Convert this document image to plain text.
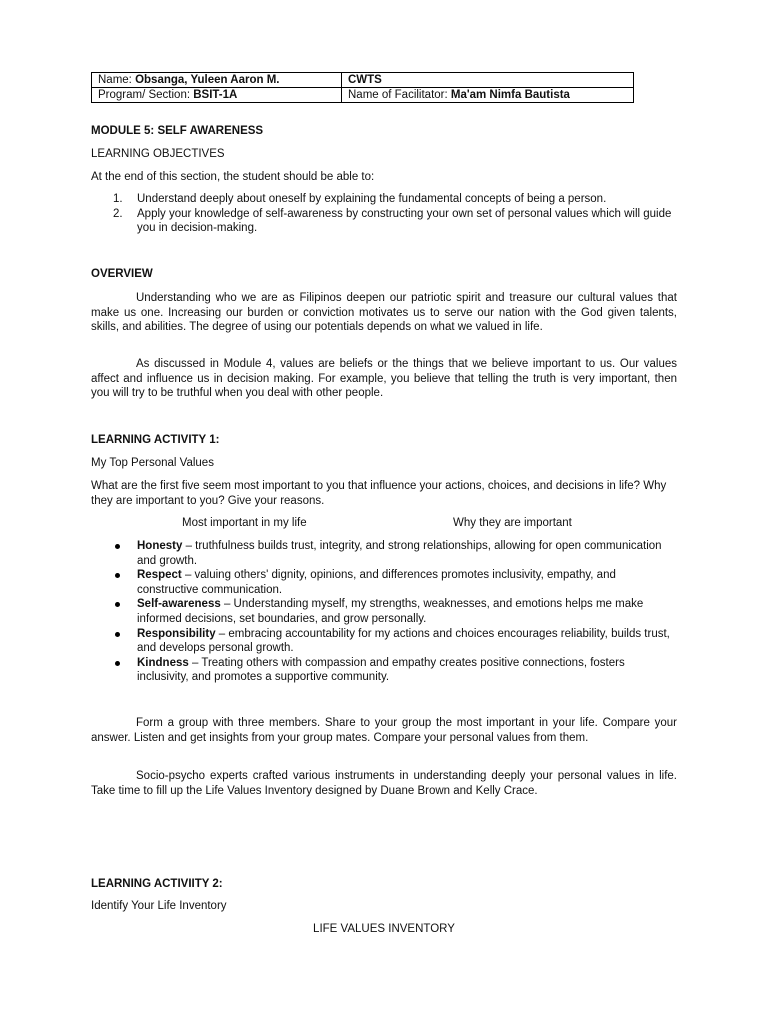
Name: Obsanga, Yuleen Aaron M.	CWTS
Program/ Section: BSIT-1A	Name of Facilitator: Ma'am Nimfa Bautista
MODULE 5: SELF AWARENESS
LEARNING OBJECTIVES
At the end of this section, the student should be able to:
1. Understand deeply about oneself by explaining the fundamental concepts of being a person.
2. Apply your knowledge of self-awareness by constructing your own set of personal values which will guide you in decision-making.
OVERVIEW

Understanding who we are as Filipinos deepen our patriotic spirit and treasure our cultural values that make us one. Increasing our burden or conviction motivates us to serve our nation with the God given talents, skills, and abilities. The degree of using our potentials depends on what we valued in life.

As discussed in Module 4, values are beliefs or the things that we believe important to us. Our values affect and influence us in decision making. For example, you believe that telling the truth is very important, then you will try to be truthful when you deal with other people.

LEARNING ACTIVITY 1:
My Top Personal Values

What are the first five seem most important to you that influence your actions, choices, and decisions in life? Why they are important to you? Give your reasons.

Most important in my life	Why they are important
Honesty – truthfulness builds trust, integrity, and strong relationships, allowing for open communication and growth.
Respect – valuing others' dignity, opinions, and differences promotes inclusivity, empathy, and constructive communication.
Self-awareness – Understanding myself, my strengths, weaknesses, and emotions helps me make informed decisions, set boundaries, and grow personally.
Responsibility – embracing accountability for my actions and choices encourages reliability, builds trust, and develops personal growth.
Kindness – Treating others with compassion and empathy creates positive connections, fosters inclusivity, and promotes a supportive community.

Form a group with three members. Share to your group the most important in your life. Compare your answer. Listen and get insights from your group mates. Compare your personal values from them.

Socio-psycho experts crafted various instruments in understanding deeply your personal values in life. Take time to fill up the Life Values Inventory designed by Duane Brown and Kelly Crace.

LEARNING ACTIVIITY 2:
Identify Your Life Inventory
LIFE VALUES INVENTORY
